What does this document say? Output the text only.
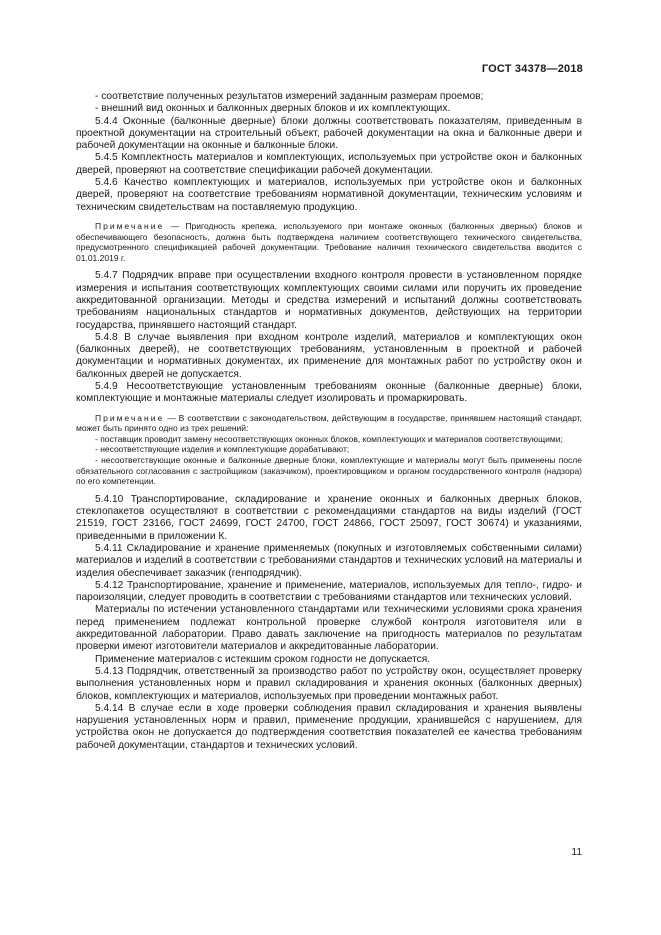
ГОСТ 34378—2018

- соответствие полученных результатов измерений заданным размерам проемов;

- внешний вид оконных и балконных дверных блоков и их комплектующих.

5.4.4 Оконные (балконные дверные) блоки должны соответствовать показателям, приведенным в проектной документации на строительный объект, рабочей документации на окна и балконные двери и рабочей документации на оконные и балконные блоки.

5.4.5 Комплектность материалов и комплектующих, используемых при устройстве окон и балконных дверей, проверяют на соответствие спецификации рабочей документации.

5.4.6 Качество комплектующих и материалов, используемых при устройстве окон и балконных дверей, проверяют на соответствие требованиям нормативной документации, техническим условиям и техническим свидетельствам на поставляемую продукцию.

Примечание — Пригодность крепежа, используемого при монтаже оконных (балконных дверных) блоков и обеспечивающего безопасность, должна быть подтверждена наличием соответствующего технического свидетельства, предусмотренного спецификацией рабочей документации. Требование наличия технического свидетельства вводится с 01.01.2019 г.

5.4.7 Подрядчик вправе при осуществлении входного контроля провести в установленном порядке измерения и испытания соответствующих комплектующих своими силами или поручить их проведение аккредитованной организации. Методы и средства измерений и испытаний должны соответствовать требованиям национальных стандартов и нормативных документов, действующих на территории государства, принявшего настоящий стандарт.

5.4.8 В случае выявления при входном контроле изделий, материалов и комплектующих окон (балконных дверей), не соответствующих требованиям, установленным в проектной и рабочей документации и нормативных документах, их применение для монтажных работ по устройству окон и балконных дверей не допускается.

5.4.9 Несоответствующие установленным требованиям оконные (балконные дверные) блоки, комплектующие и монтажные материалы следует изолировать и промаркировать.

Примечание — В соответствии с законодательством, действующим в государстве, принявшем настоящий стандарт, может быть принято одно из трех решений:

- поставщик проводит замену несоответствующих оконных блоков, комплектующих и материалов соответствующими;

- несоответствующие изделия и комплектующие дорабатывают;

- несоответствующие оконные и балконные дверные блоки, комплектующие и материалы могут быть применены после обязательного согласования с застройщиком (заказчиком), проектировщиком и органом государственного контроля (надзора) по его компетенции.

5.4.10 Транспортирование, складирование и хранение оконных и балконных дверных блоков, стеклопакетов осуществляют в соответствии с рекомендациями стандартов на виды изделий (ГОСТ 21519, ГОСТ 23166, ГОСТ 24699, ГОСТ 24700, ГОСТ 24866, ГОСТ 25097, ГОСТ 30674) и указаниями, приведенными в приложении К.

5.4.11 Складирование и хранение применяемых (покупных и изготовляемых собственными силами) материалов и изделий в соответствии с требованиями стандартов и технических условий на материалы и изделия обеспечивает заказчик (генподрядчик).

5.4.12 Транспортирование, хранение и применение, материалов, используемых для тепло-, гидро- и пароизоляции, следует проводить в соответствии с требованиями стандартов или технических условий.

Материалы по истечении установленного стандартами или техническими условиями срока хранения перед применением подлежат контрольной проверке службой контроля изготовителя или в аккредитованной лаборатории. Право давать заключение на пригодность материалов по результатам проверки имеют изготовители материалов и аккредитованные лаборатории.

Применение материалов с истекшим сроком годности не допускается.

5.4.13 Подрядчик, ответственный за производство работ по устройству окон, осуществляет проверку выполнения установленных норм и правил складирования и хранения оконных (балконных дверных) блоков, комплектующих и материалов, используемых при проведении монтажных работ.

5.4.14 В случае если в ходе проверки соблюдения правил складирования и хранения выявлены нарушения установленных норм и правил, применение продукции, хранившейся с нарушением, для устройства окон не допускается до подтверждения соответствия показателей ее качества требованиям рабочей документации, стандартов и технических условий.

11
